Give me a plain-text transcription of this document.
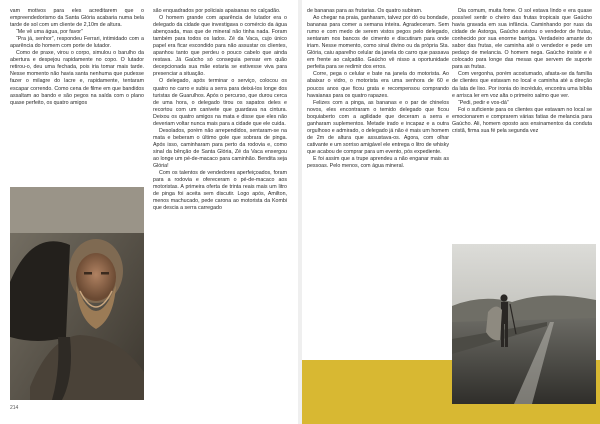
vam motivos para eles acreditarem que o empreendedorismo da Santa Glória acabaria numa bela tarde de sol com um cliente de 2,10m de altura.

“Me vê uma água, por favor”

“Pra já, senhor”, respondeu Ferrari, intimidado com a aparência do homem com porte de lutador.

Como de praxe, virou o corpo, simulou o barulho da abertura e despejou rapidamente no copo. O lutador retirou-o, deu uma fechada, pois iria tomar mais tarde. Nesse momento não havia santa nenhuma que pudesse fazer o milagre do lacre e, rapidamente, tentaram escapar correndo. Como cena de filme em que bandidos assaltam ao bando e são pegos na saída com o plano quase perfeito, os quatro amigos

são enquadrados por policiais apaisanas no calçadão.

O homem grande com aparência de lutador era o delegado da cidade que investigava o comércio da água abençoada, mas que de mineral não tinha nada. Foram também para todos os lados. Zé da Vaca, cujo único papel era ficar escondido para não assustar os clientes, apanhou tanto que perdeu o pouco cabelo que ainda restava. Já Gaúcho só conseguia pensar em quão decepcionada sua mãe estaria se estivesse viva para presenciar a situação.

O delegado, após terminar o serviço, colocou os quatro no carro e subiu a serra para deixá-los longe dos turistas de Guarulhos. Após o percurso, que durou cerca de uma hora, o delegado tirou os sapatos deles e recortou com um canivete que guardava na cintura. Deixou os quatro amigos na mata e disse que eles não deveriam voltar nunca mais para a cidade que ele cuida.

Desolados, porém não arrependidos, sentaram-se na mata e beberam o último gole que sobrara de pinga. Após isso, caminharam para perto da rodovia e, como sinal da bênção de Santa Glória, Zé da Vaca enxergou ao longe um pé-de-macaco para caminhão. Bendita seja Glória!

Com os talentos de vendedores aperfeiçoados, foram para a rodovia e ofereceram o pé-de-macaco aos motoristas. A primeira oferta de trinta reais mais um litro de pinga foi aceita sem discutir. Logo após, Amilton, menos machucado, pede carona ao motorista da Kombi que descia a serra carregado

214

de bananas para as frutarias. Os quatro subiram.

Ao chegar na praia, ganharam, talvez por dó ou bondade, bananas para comer a semana inteira. Agradeceram. Sem rumo e com medo de serem vistos pegos pelo delegado, sentaram nos bancos de cimento e discutiram para onde iriam. Nesse momento, como sinal divino ou da própria Sta. Glória, caiu aparelho celular da janela do carro que passava em frente ao calçadão. Gaúcho vê nisso a oportunidade perfeita para se redimir dos erros.

Corre, pega o celular e bate na janela do motorista. Ao abaixar o vidro, o motorista era uma senhora de 60 e poucos anos que ficou grata e recompensou comprando havaianas para os quatro rapazes.

Felizes com a pinga, as bananas e o par de chinelos novos, eles encontraram o temido delegado que ficou boquiaberto com a agilidade que deceram a serra e ganharam suplementos. Metade irado e incapaz e a outra orgulhoso e admirado, o delegado já não é mais um homem de 2m de altura que assustava-os. Agora, com olhar cativante e um sorriso amigável ele entrega o litro de whisky que acabou de comprar para um evento, pós expediente.

E foi assim que a trupe aprendeu a não enganar mais as pessoas. Pelo menos, com água mineral.

Dia comum, muita fome. O sol estava lindo e era quase possível sentir o cheiro das frutas tropicais que Gaúcho havia gravada em sua infância. Caminhando por ruas da cidade de Astorga, Gaúcho avistou o vendedor de frutas, conhecido por sua enorme barriga. Verdadeiro amante do sabor das frutas, ele caminha até o vendedor e pede um pedaço de melancia. O homem nega. Gaúcho insiste e é colocado para longe das mesas que servem de suporte para as frutas.

Com vergonha, porém acostumado, afasta-se da família de clientes que estavam no local e caminha até a direção da lata de lixo. Por ironia do incrédulo, encontra uma bíblia e arrisca ler em voz alta o primeiro salmo que ver.

“Pedi, pedir e vos-dá”

Foi o suficiente para os clientes que estavam no local se emocionarem e comprarem várias fatias de melancia para Gaúcho. Ali, homem oposto aos ensinamentos da conduta cristã, firma sua fé pela segunda vez
